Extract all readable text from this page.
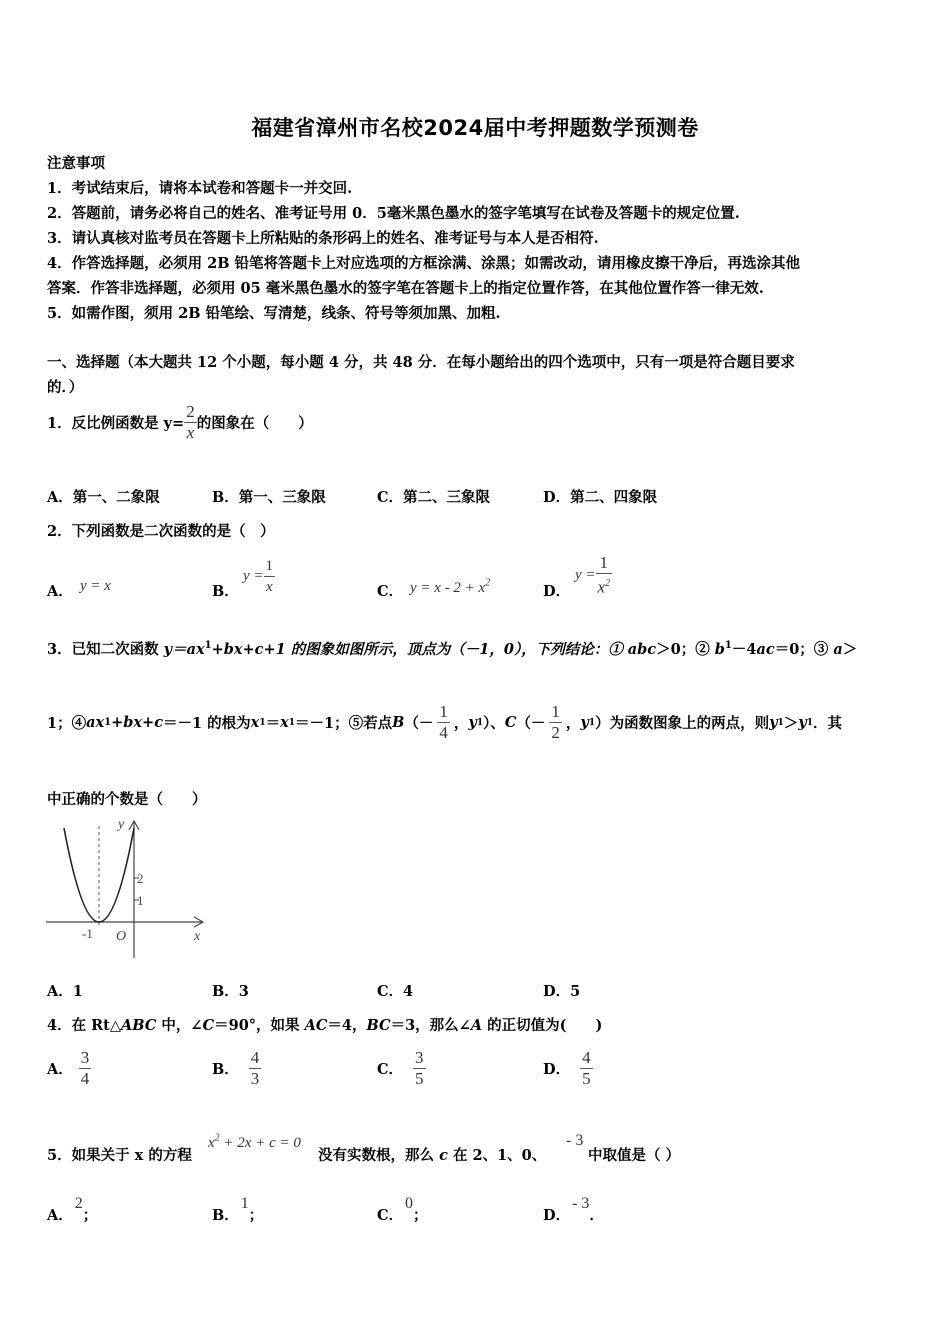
福建省漳州市名校2024届中考押题数学预测卷
注意事项
1．考试结束后，请将本试卷和答题卡一并交回.
2．答题前，请务必将自己的姓名、准考证号用 0．5毫米黑色墨水的签字笔填写在试卷及答题卡的规定位置.
3．请认真核对监考员在答题卡上所粘贴的条形码上的姓名、准考证号与本人是否相符.
4．作答选择题，必须用 2B 铅笔将答题卡上对应选项的方框涂满、涂黑；如需改动，请用橡皮擦干净后，再选涂其他
答案．作答非选择题，必须用 05 毫米黑色墨水的签字笔在答题卡上的指定位置作答，在其他位置作答一律无效.
5．如需作图，须用 2B 铅笔绘、写清楚，线条、符号等须加黑、加粗.
一、选择题（本大题共 12 个小题，每小题 4 分，共 48 分．在每小题给出的四个选项中，只有一项是符合题目要求
的．）
1．反比例函数是 $y= \frac{2}{x}$ 的图象在（　　）
A．第一、二象限	B．第一、三象限	C．第二、三象限	D．第二、四象限
2．下列函数是二次函数的是（　）
A． y = x	B．
$y = \frac{1}{x}$	C． $y = x - 2 + x^2$	D．
$y = \frac{1}{x^2}$
3．已知二次函数 $y=ax^1+bx+c+1$ 的图象如图所示，顶点为（－1，0），下列结论：① abc＞0；② $b^1-4ac=0$；③ a＞
1；④ ax 1 +bx+c ＝－1 的根为 x 1 ＝ x 1 ＝－1；⑤若点 B （－ $\frac{1}{4}$ ， y 1 ）、 C （－ $\frac{1}{2}$ ， y 1 ）为函数图象上的两点，则 y 1 ＞ y 1 ．其
中正确的个数是（　　）
y
x
O
-1
2
1
A．1	B．3	C．4	D．5
4．在 Rt△ABC 中，∠C＝90°，如果 AC＝4，BC＝3，那么∠A 的正切值为(　　)
A． $\frac{3}{4}$	B． $\frac{4}{3}$	C． $\frac{3}{5}$	D． $\frac{4}{5}$
5．如果关于 x 的方程
$x^2 + 2x + c = 0$
没有实数根，那么 c 在 2、1、0、
- 3
中取值是（ ）
A．2；	B．1；	C．0；	D．- 3．
